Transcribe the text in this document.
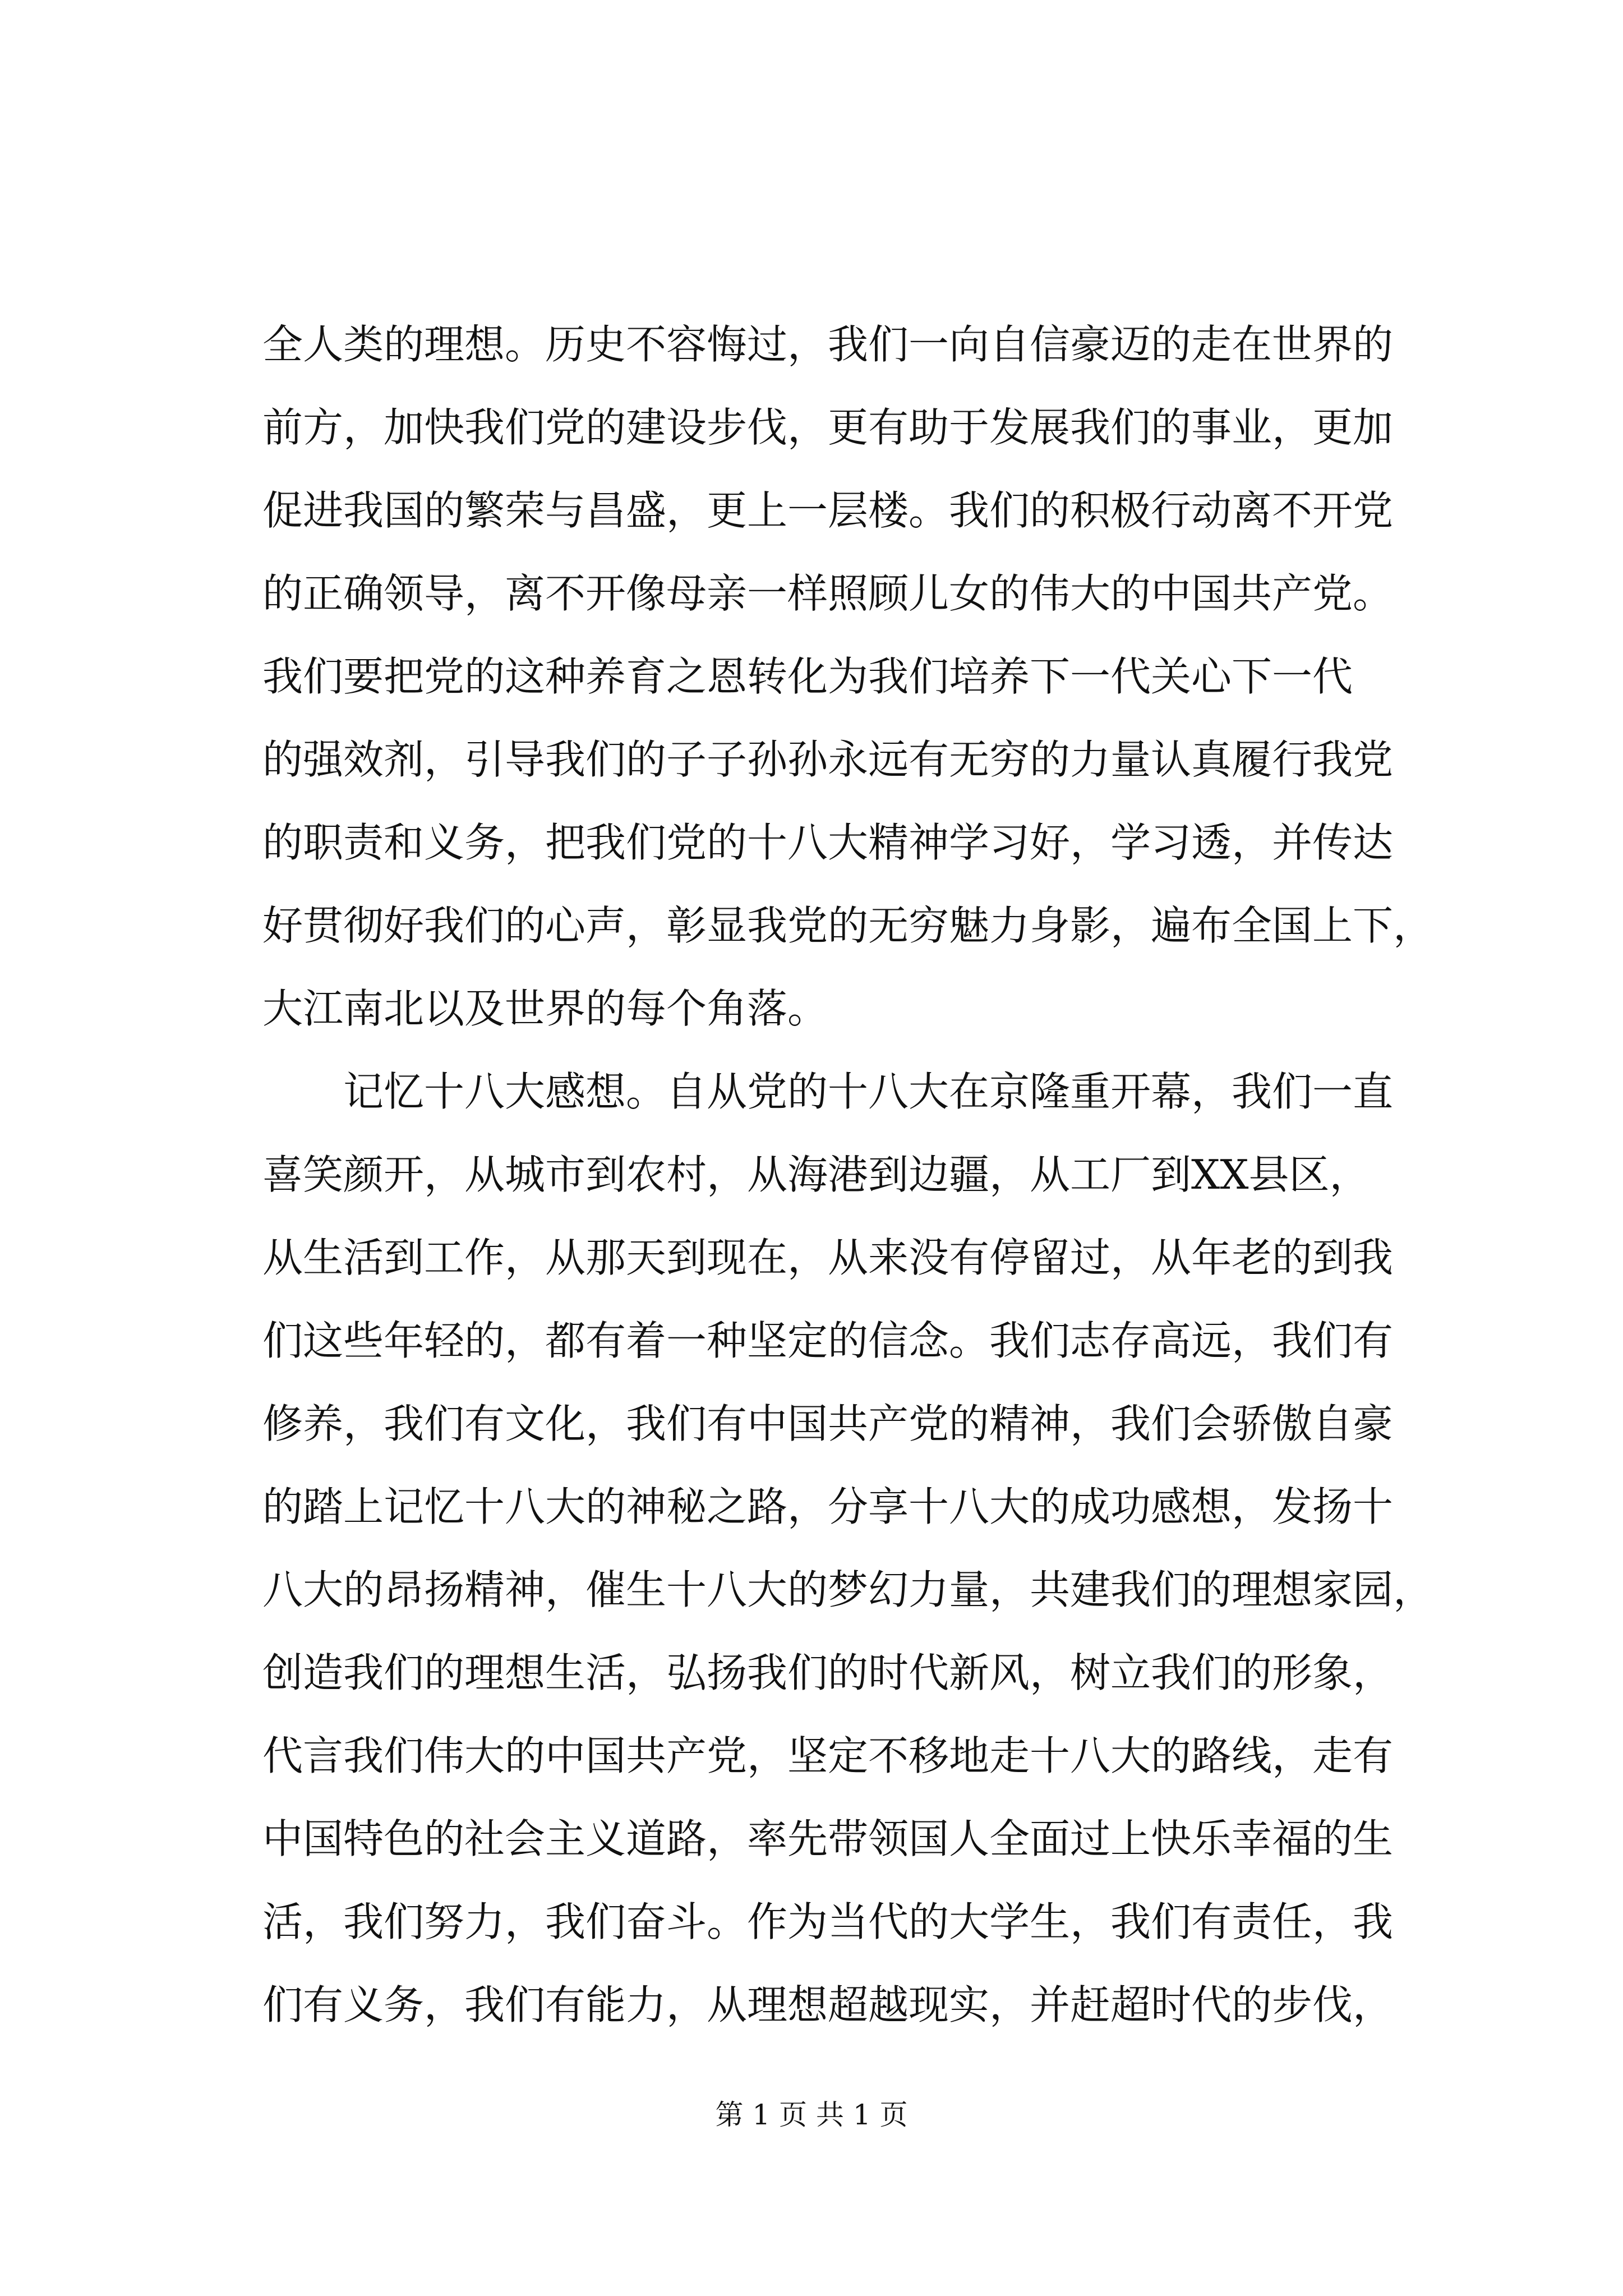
全人类的理想。历史不容悔过，我们一向自信豪迈的走在世界的
前方，加快我们党的建设步伐，更有助于发展我们的事业，更加
促进我国的繁荣与昌盛，更上一层楼。我们的积极行动离不开党
的正确领导，离不开像母亲一样照顾儿女的伟大的中国共产党。
我们要把党的这种养育之恩转化为我们培养下一代关心下一代
的强效剂，引导我们的子子孙孙永远有无穷的力量认真履行我党
的职责和义务，把我们党的十八大精神学习好，学习透，并传达
好贯彻好我们的心声，彰显我党的无穷魅力身影，遍布全国上下，
大江南北以及世界的每个角落。
　　记忆十八大感想。自从党的十八大在京隆重开幕，我们一直
喜笑颜开，从城市到农村，从海港到边疆，从工厂到XX县区，
从生活到工作，从那天到现在，从来没有停留过，从年老的到我
们这些年轻的，都有着一种坚定的信念。我们志存高远，我们有
修养，我们有文化，我们有中国共产党的精神，我们会骄傲自豪
的踏上记忆十八大的神秘之路，分享十八大的成功感想，发扬十
八大的昂扬精神，催生十八大的梦幻力量，共建我们的理想家园，
创造我们的理想生活，弘扬我们的时代新风，树立我们的形象，
代言我们伟大的中国共产党，坚定不移地走十八大的路线，走有
中国特色的社会主义道路，率先带领国人全面过上快乐幸福的生
活，我们努力，我们奋斗。作为当代的大学生，我们有责任，我
们有义务，我们有能力，从理想超越现实，并赶超时代的步伐，
第 1 页 共 1 页
